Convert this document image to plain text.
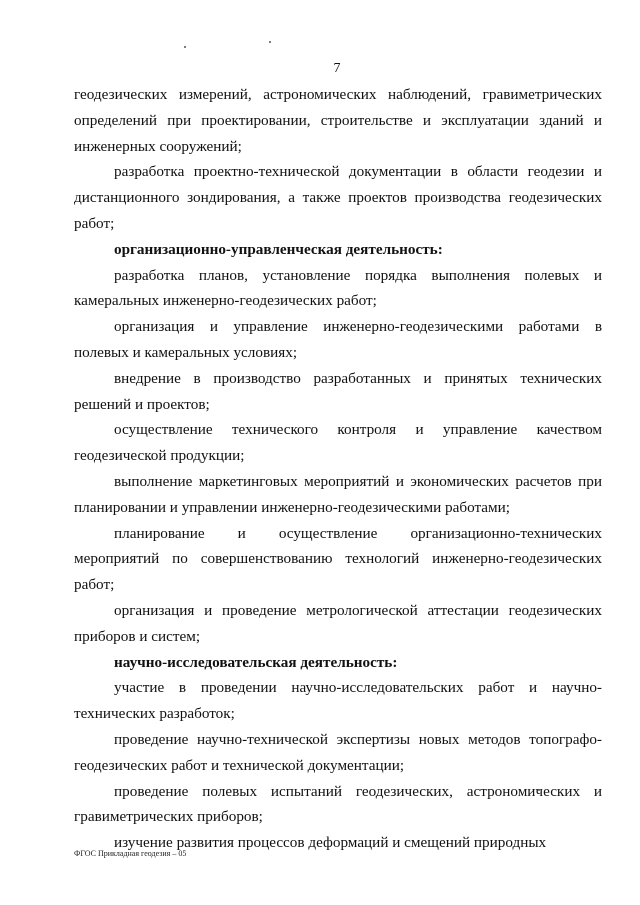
7

геодезических измерений, астрономических наблюдений, гравиметрических определений при проектировании, строительстве и эксплуатации зданий и инженерных сооружений;

разработка проектно-технической документации в области геодезии и дистанционного зондирования, а также проектов производства геодезических работ;

организационно-управленческая деятельность:

разработка планов, установление порядка выполнения полевых и камеральных инженерно-геодезических работ;

организация и управление инженерно-геодезическими работами в полевых и камеральных условиях;

внедрение в производство разработанных и принятых технических решений и проектов;

осуществление технического контроля и управление качеством геодезической продукции;

выполнение маркетинговых мероприятий и экономических расчетов при планировании и управлении инженерно-геодезическими работами;

планирование и осуществление организационно-технических мероприятий по совершенствованию технологий инженерно-геодезических работ;

организация и проведение метрологической аттестации геодезических приборов и систем;

научно-исследовательская деятельность:

участие в проведении научно-исследовательских работ и научно-технических разработок;

проведение научно-технической экспертизы новых методов топографо-геодезических работ и технической документации;

проведение полевых испытаний геодезических, астрономических и гравиметрических приборов;

изучение развития процессов деформаций и смещений природных

ФГОС Прикладная геодезия – 05
